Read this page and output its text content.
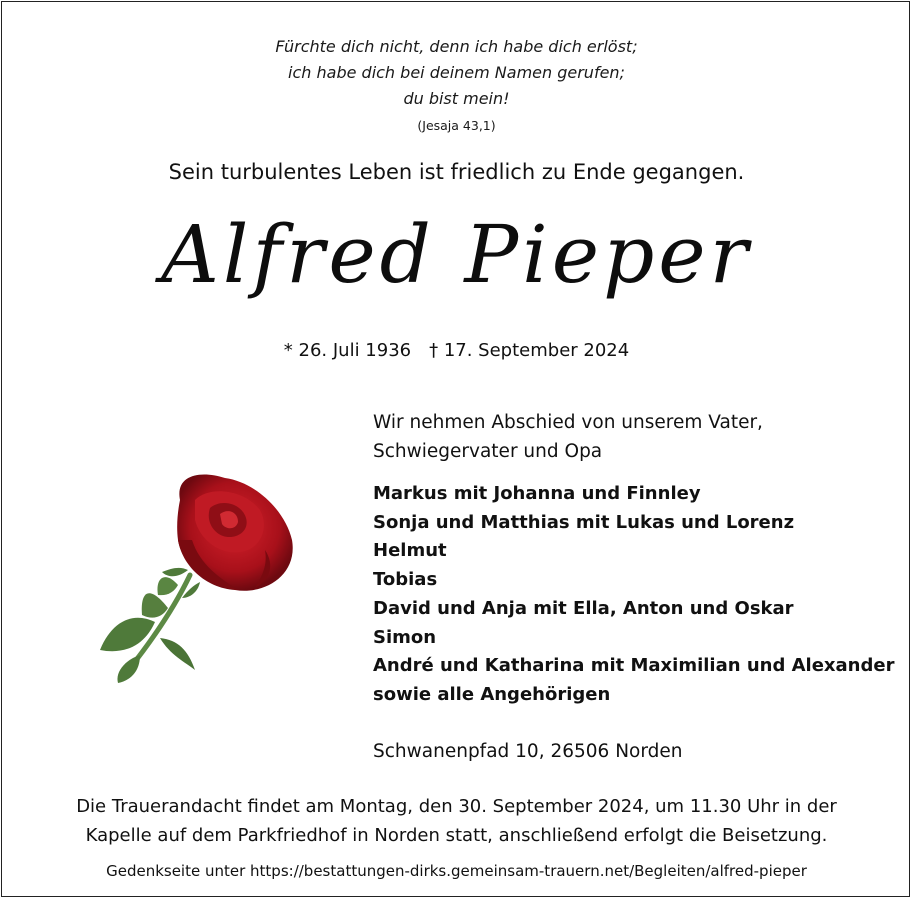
Fürchte dich nicht, denn ich habe dich erlöst;
ich habe dich bei deinem Namen gerufen;
du bist mein!
(Jesaja 43,1)
Sein turbulentes Leben ist friedlich zu Ende gegangen.
Alfred Pieper
* 26. Juli 1936 † 17. September 2024
Wir nehmen Abschied von unserem Vater,
Schwiegervater und Opa
Markus mit Johanna und Finnley
Sonja und Matthias mit Lukas und Lorenz
Helmut
Tobias
David und Anja mit Ella, Anton und Oskar
Simon
André und Katharina mit Maximilian und Alexander
sowie alle Angehörigen
Schwanenpfad 10, 26506 Norden
Die Trauerandacht findet am Montag, den 30. September 2024, um 11.30 Uhr in der
Kapelle auf dem Parkfriedhof in Norden statt, anschließend erfolgt die Beisetzung.
Gedenkseite unter https://bestattungen-dirks.gemeinsam-trauern.net/Begleiten/alfred-pieper
